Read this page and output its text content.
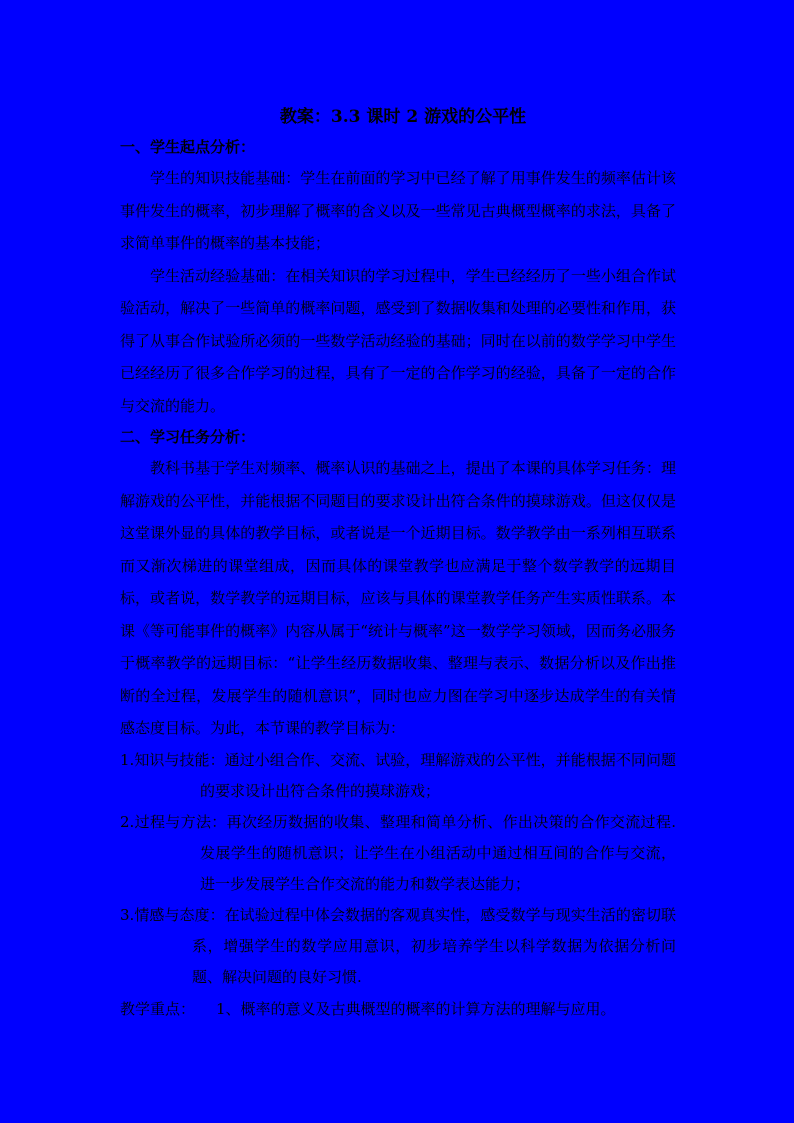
教案：3.3 课时 2 游戏的公平性
一、学生起点分析：

学生的知识技能基础：学生在前面的学习中已经了解了用事件发生的频率估计该事件发生的概率，初步理解了概率的含义以及一些常见古典概型概率的求法，具备了求简单事件的概率的基本技能；

学生活动经验基础：在相关知识的学习过程中，学生已经经历了一些小组合作试验活动，解决了一些简单的概率问题，感受到了数据收集和处理的必要性和作用，获得了从事合作试验所必须的一些数学活动经验的基础；同时在以前的数学学习中学生已经经历了很多合作学习的过程，具有了一定的合作学习的经验，具备了一定的合作与交流的能力。

二、学习任务分析：

教科书基于学生对频率、概率认识的基础之上，提出了本课的具体学习任务：理解游戏的公平性，并能根据不同题目的要求设计出符合条件的摸球游戏。但这仅仅是这堂课外显的具体的教学目标，或者说是一个近期目标。数学教学由一系列相互联系而又渐次梯进的课堂组成，因而具体的课堂教学也应满足于整个数学教学的远期目标，或者说，数学教学的远期目标，应该与具体的课堂教学任务产生实质性联系。本课《等可能事件的概率》内容从属于“统计与概率”这一数学学习领域，因而务必服务于概率教学的远期目标：“让学生经历数据收集、整理与表示、数据分析以及作出推断的全过程，发展学生的随机意识”，同时也应力图在学习中逐步达成学生的有关情感态度目标。为此，本节课的教学目标为：

1.知识与技能：通过小组合作、交流、试验，理解游戏的公平性，并能根据不同问题的要求设计出符合条件的摸球游戏；

2.过程与方法：再次经历数据的收集、整理和简单分析、作出决策的合作交流过程.发展学生的随机意识；让学生在小组活动中通过相互间的合作与交流，进一步发展学生合作交流的能力和数学表达能力；

3.情感与态度：在试验过程中体会数据的客观真实性，感受数学与现实生活的密切联系，增强学生的数学应用意识，初步培养学生以科学数据为依据分析问题、解决问题的良好习惯.

教学重点： 1、概率的意义及古典概型的概率的计算方法的理解与应用。
